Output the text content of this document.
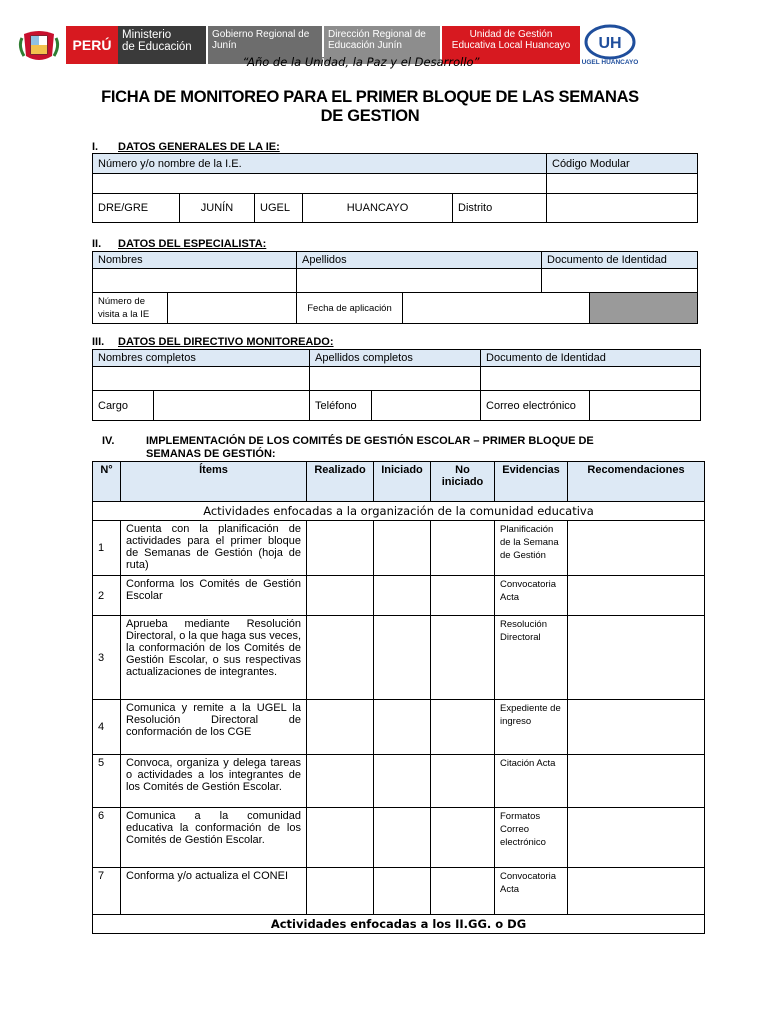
PERÚ
Ministerio
de Educación
Gobierno Regional de
Junín
Dirección Regional de
Educación Junín
Unidad de Gestión
Educativa Local Huancayo	UH
UGEL HUANCAYO
“Año de la Unidad, la Paz y el Desarrollo”
FICHA DE MONITOREO PARA EL PRIMER BLOQUE DE LAS SEMANAS DE GESTION
I. DATOS GENERALES DE LA IE:
Número y/o nombre de la I.E.					Código Modular

DRE/GRE	JUNÍN	UGEL	HUANCAYO	Distrito	
II. DATOS DEL ESPECIALISTA:
Nombres		Apellidos		Documento de Identidad	

Número de visita a la IE		Fecha de aplicación			
III. DATOS DEL DIRECTIVO MONITOREADO:
Nombres completos		Apellidos completos		Documento de Identidad	

Cargo		Teléfono		Correo electrónico	
IV.	IMPLEMENTACIÓN DE LOS COMITÉS DE GESTIÓN ESCOLAR – PRIMER BLOQUE DE SEMANAS DE GESTIÓN:
N°	Ítems	Realizado	Iniciado	No iniciado	Evidencias	Recomendaciones
Actividades enfocadas a la organización de la comunidad educativa						
1	Cuenta con la planificación de actividades para el primer bloque de Semanas de Gestión (hoja de ruta)				Planificación de la Semana de Gestión	
2	Conforma los Comités de Gestión Escolar				Convocatoria Acta	
3	Aprueba mediante Resolución Directoral, o la que haga sus veces, la conformación de los Comités de Gestión Escolar, o sus respectivas actualizaciones de integrantes.				Resolución Directoral	
4	Comunica y remite a la UGEL la Resolución Directoral de conformación de los CGE				Expediente de ingreso	
5	Convoca, organiza y delega tareas o actividades a los integrantes de los Comités de Gestión Escolar.				Citación Acta	
6	Comunica a la comunidad educativa la conformación de los Comités de Gestión Escolar.				Formatos Correo electrónico	
7	Conforma y/o actualiza el CONEI				Convocatoria Acta	
Actividades enfocadas a los II.GG. o DG						
